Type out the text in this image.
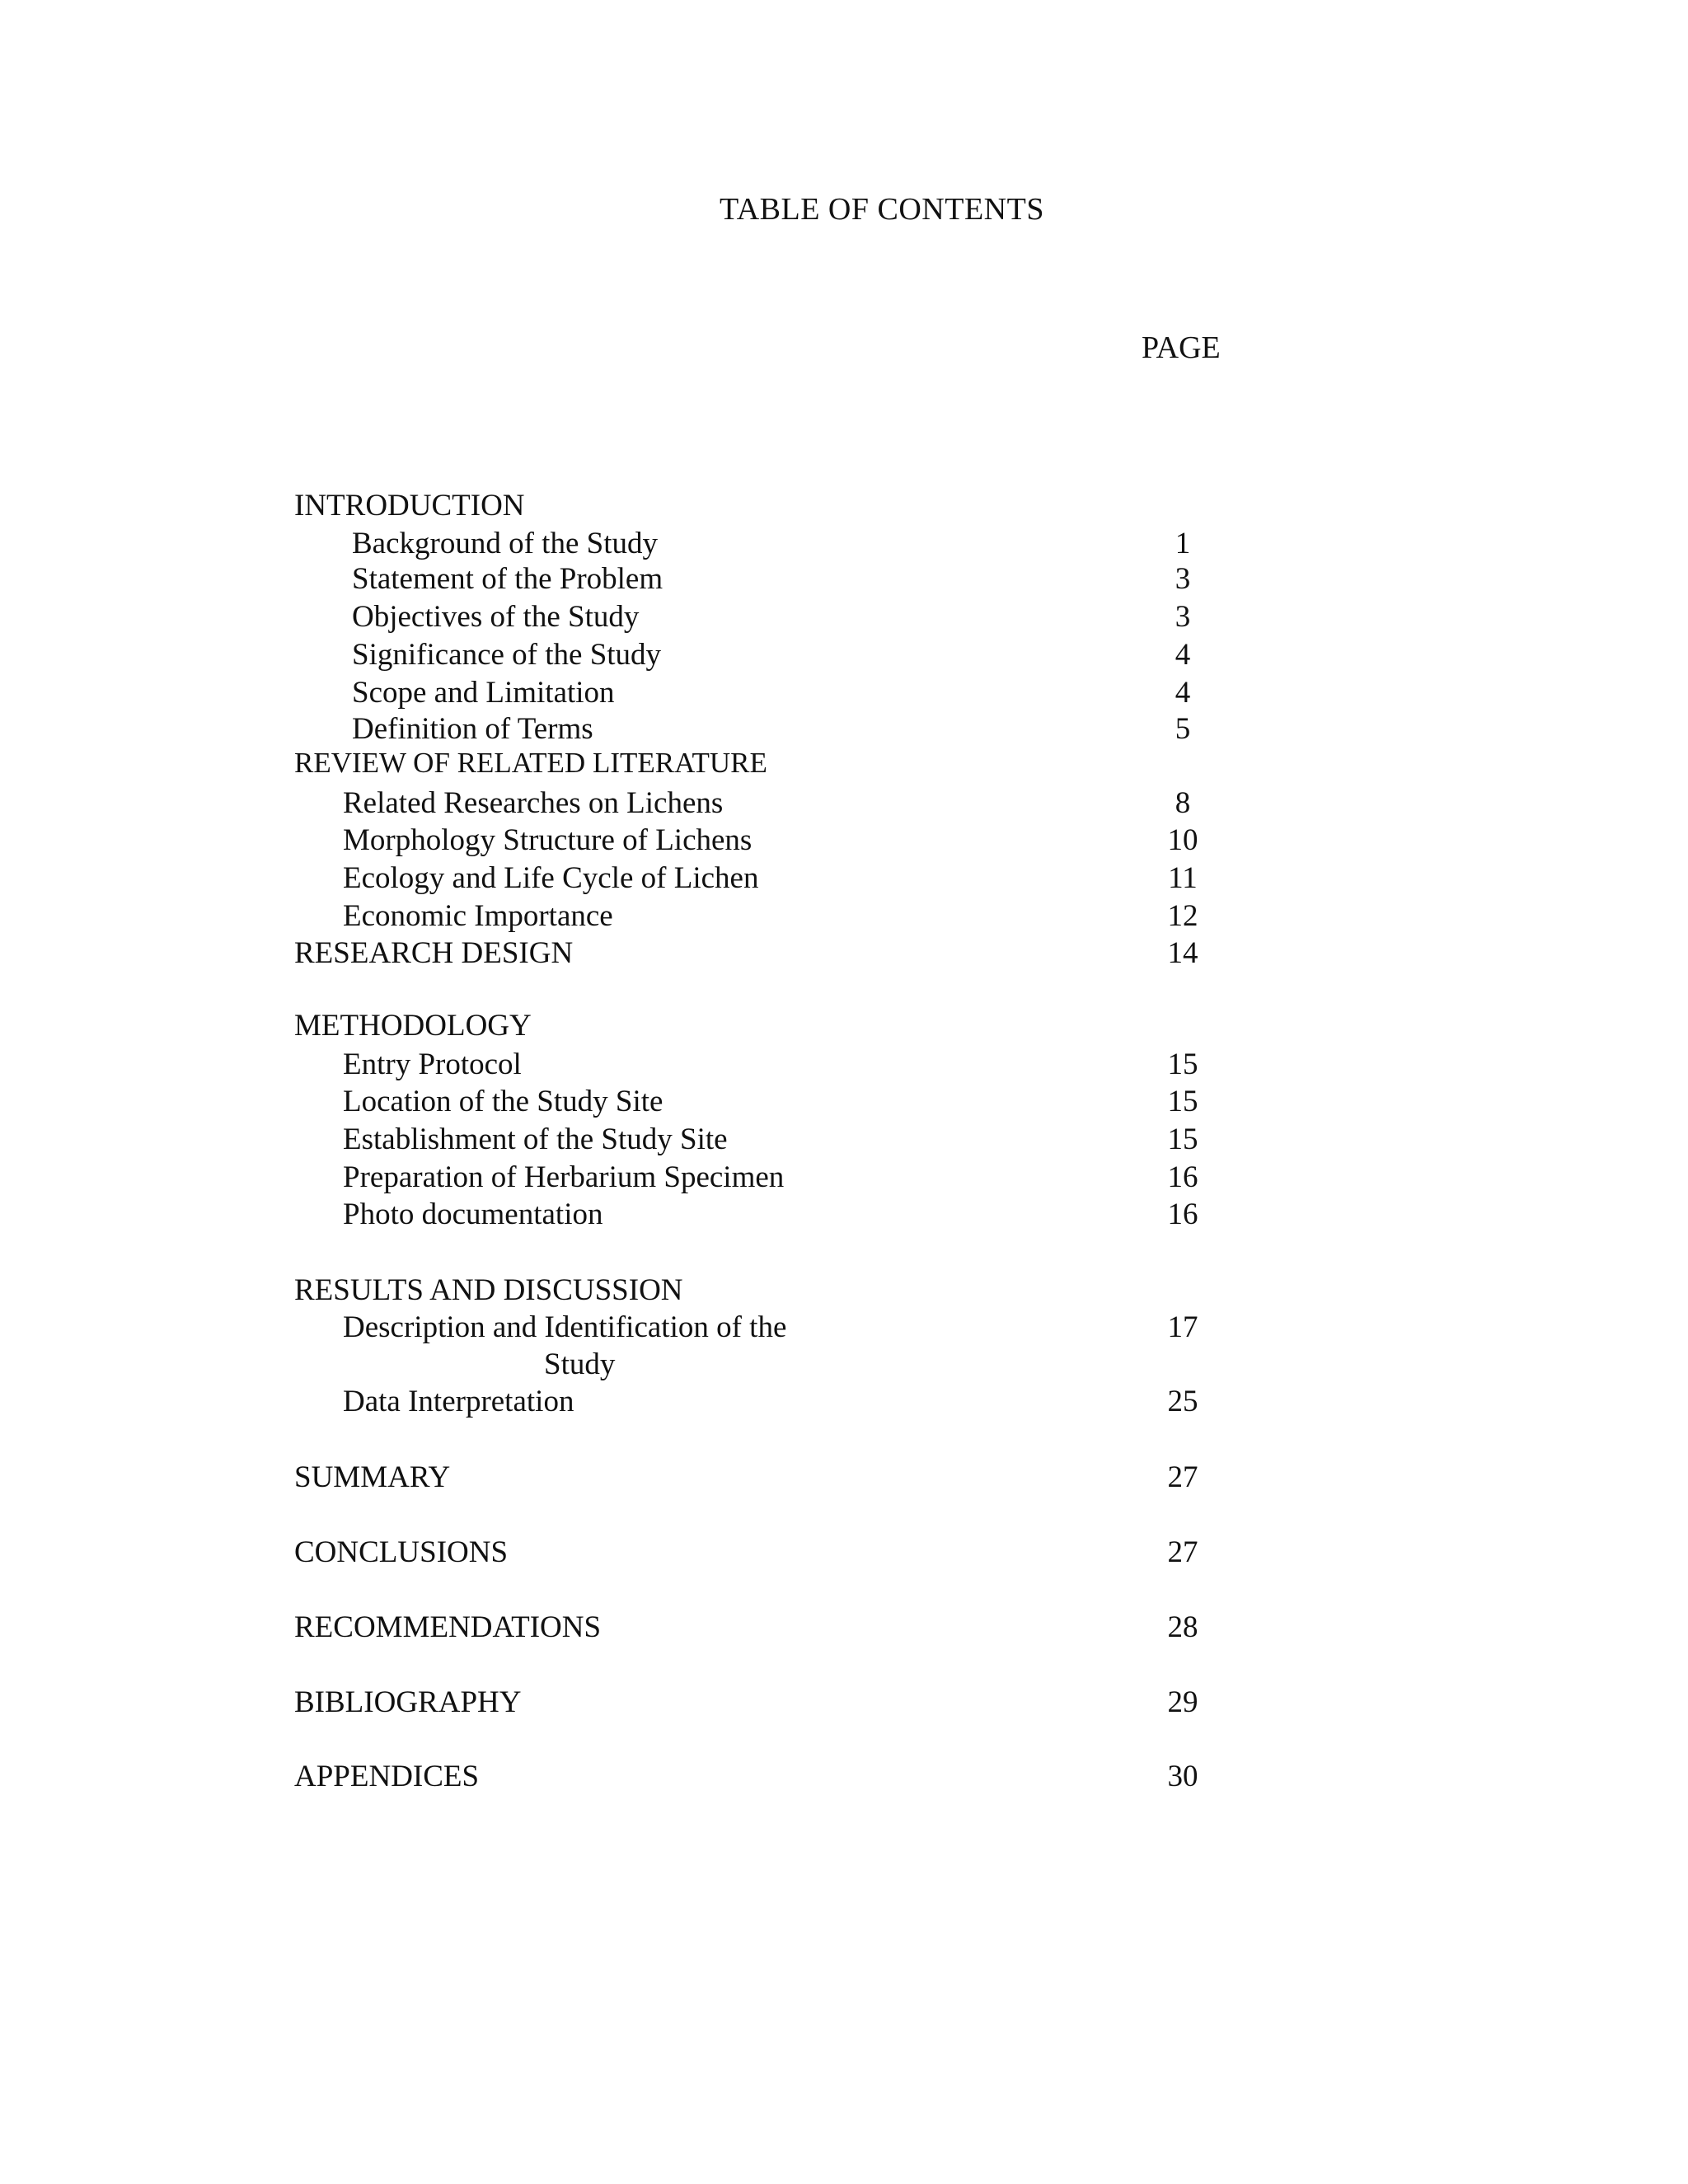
TABLE OF CONTENTS
PAGE
INTRODUCTION
Background of the Study	1
Statement of the Problem	3
Objectives of the Study	3
Significance of the Study	4
Scope and Limitation	4
Definition of Terms	5
REVIEW OF RELATED LITERATURE
Related Researches on Lichens	8
Morphology Structure of Lichens	10
Ecology and Life Cycle of Lichen	11
Economic Importance	12
RESEARCH DESIGN	14
METHODOLOGY
Entry Protocol	15
Location of the Study Site	15
Establishment of the Study Site	15
Preparation of Herbarium Specimen	16
Photo documentation	16
RESULTS AND DISCUSSION
Description and Identification of the	17
Study
Data Interpretation	25
SUMMARY	27
CONCLUSIONS	27
RECOMMENDATIONS	28
BIBLIOGRAPHY	29
APPENDICES	30
